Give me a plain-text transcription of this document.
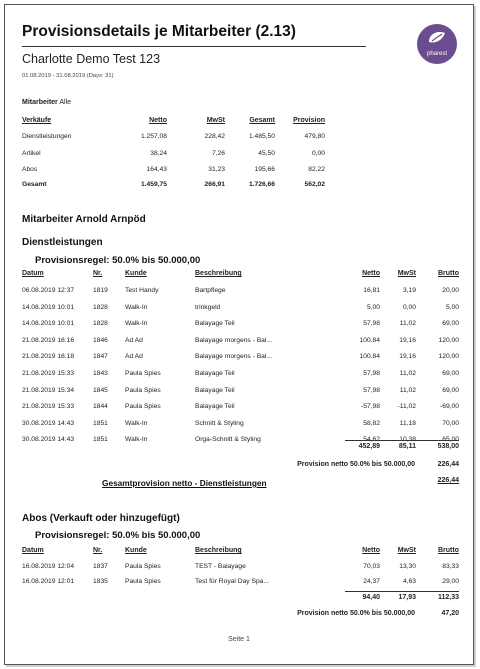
Provisionsdetails je Mitarbeiter (2.13)
Charlotte Demo Test 123
01.08.2019 - 31.08.2019 (Days: 31)
pharest
Mitarbeiter Alle
Verkäufe	Netto	MwSt	Gesamt	Provision
Dienstleistungen	1.257,08	228,42	1.485,50	479,80
Artikel	38,24	7,26	45,50	0,00
Abos	164,43	31,23	195,66	82,22
Gesamt	1.459,75	266,91	1.726,66	562,02
Mitarbeiter Arnold Arnpöd
Dienstleistungen
Provisionsregel: 50.0% bis 50.000,00
Datum	Nr.	Kunde	Beschreibung	Netto	MwSt	Brutto
06.08.2019 12:37	1819	Test Handy	Bartpflege	16,81	3,19	20,00
14.08.2019 10:01	1828	Walk-In	trinkgeld	5,00	0,00	5,00
14.08.2019 10:01	1828	Walk-In	Balayage Teil	57,98	11,02	69,00
21.08.2019 16:16	1846	Ad Ad	Balayage morgens - Bal...	100,84	19,16	120,00
21.08.2019 16:18	1847	Ad Ad	Balayage morgens - Bal...	100,84	19,16	120,00
21.08.2019 15:33	1843	Paula Spies	Balayage Teil	57,98	11,02	69,00
21.08.2019 15:34	1845	Paula Spies	Balayage Teil	57,98	11,02	69,00
21.08.2019 15:33	1844	Paula Spies	Balayage Teil	-57,98	-11,02	-69,00
30.08.2019 14:43	1851	Walk-In	Schnitt & Styling	58,82	11,18	70,00
30.08.2019 14:43	1851	Walk-In	Orga-Schnitt & Styling	54,62	10,38	65,00
452,89	85,11	538,00
Provision netto 50.0% bis 50.000,00	226,44
Gesamtprovision netto - Dienstleistungen	226,44
Abos (Verkauft oder hinzugefügt)
Provisionsregel: 50.0% bis 50.000,00
Datum	Nr.	Kunde	Beschreibung	Netto	MwSt	Brutto
16.08.2019 12:04	1837	Paula Spies	TEST - Balayage	70,03	13,30	83,33
16.08.2019 12:01	1835	Paula Spies	Test für Royal Day Spa...	24,37	4,63	29,00
94,40	17,93	112,33
Provision netto 50.0% bis 50.000,00	47,20
Seite 1
